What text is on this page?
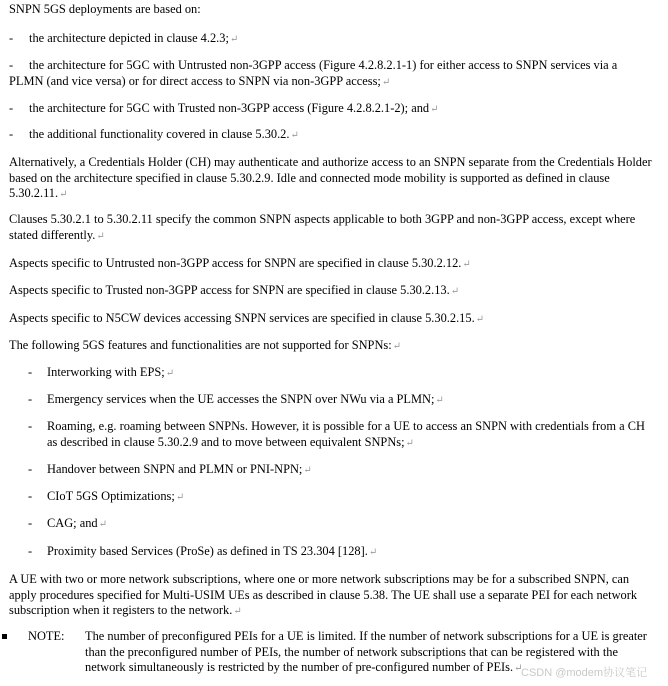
SNPN 5GS deployments are based on:
-	the architecture depicted in clause 4.2.3;↵
-	the architecture for 5GC with Untrusted non-3GPP access (Figure 4.2.8.2.1-1) for either access to SNPN services via a PLMN (and vice versa) or for direct access to SNPN via non-3GPP access;↵
-	the architecture for 5GC with Trusted non-3GPP access (Figure 4.2.8.2.1-2); and↵
-	the additional functionality covered in clause 5.30.2.↵
Alternatively, a Credentials Holder (CH) may authenticate and authorize access to an SNPN separate from the Credentials Holder based on the architecture specified in clause 5.30.2.9. Idle and connected mode mobility is supported as defined in clause 5.30.2.11.↵
Clauses 5.30.2.1 to 5.30.2.11 specify the common SNPN aspects applicable to both 3GPP and non-3GPP access, except where stated differently.↵
Aspects specific to Untrusted non-3GPP access for SNPN are specified in clause 5.30.2.12.↵
Aspects specific to Trusted non-3GPP access for SNPN are specified in clause 5.30.2.13.↵
Aspects specific to N5CW devices accessing SNPN services are specified in clause 5.30.2.15.↵
The following 5GS features and functionalities are not supported for SNPNs:↵
-	Interworking with EPS;↵
-	Emergency services when the UE accesses the SNPN over NWu via a PLMN;↵
-	Roaming, e.g. roaming between SNPNs. However, it is possible for a UE to access an SNPN with credentials from a CH as described in clause 5.30.2.9 and to move between equivalent SNPNs;↵
-	Handover between SNPN and PLMN or PNI-NPN;↵
-	CIoT 5GS Optimizations;↵
-	CAG; and↵
-	Proximity based Services (ProSe) as defined in TS 23.304 [128].↵
A UE with two or more network subscriptions, where one or more network subscriptions may be for a subscribed SNPN, can apply procedures specified for Multi-USIM UEs as described in clause 5.38. The UE shall use a separate PEI for each network subscription when it registers to the network.↵
NOTE: The number of preconfigured PEIs for a UE is limited. If the number of network subscriptions for a UE is greater than the preconfigured number of PEIs, the number of network subscriptions that can be registered with the network simultaneously is restricted by the number of pre-configured number of PEIs.↵
CSDN @modem协议笔记
